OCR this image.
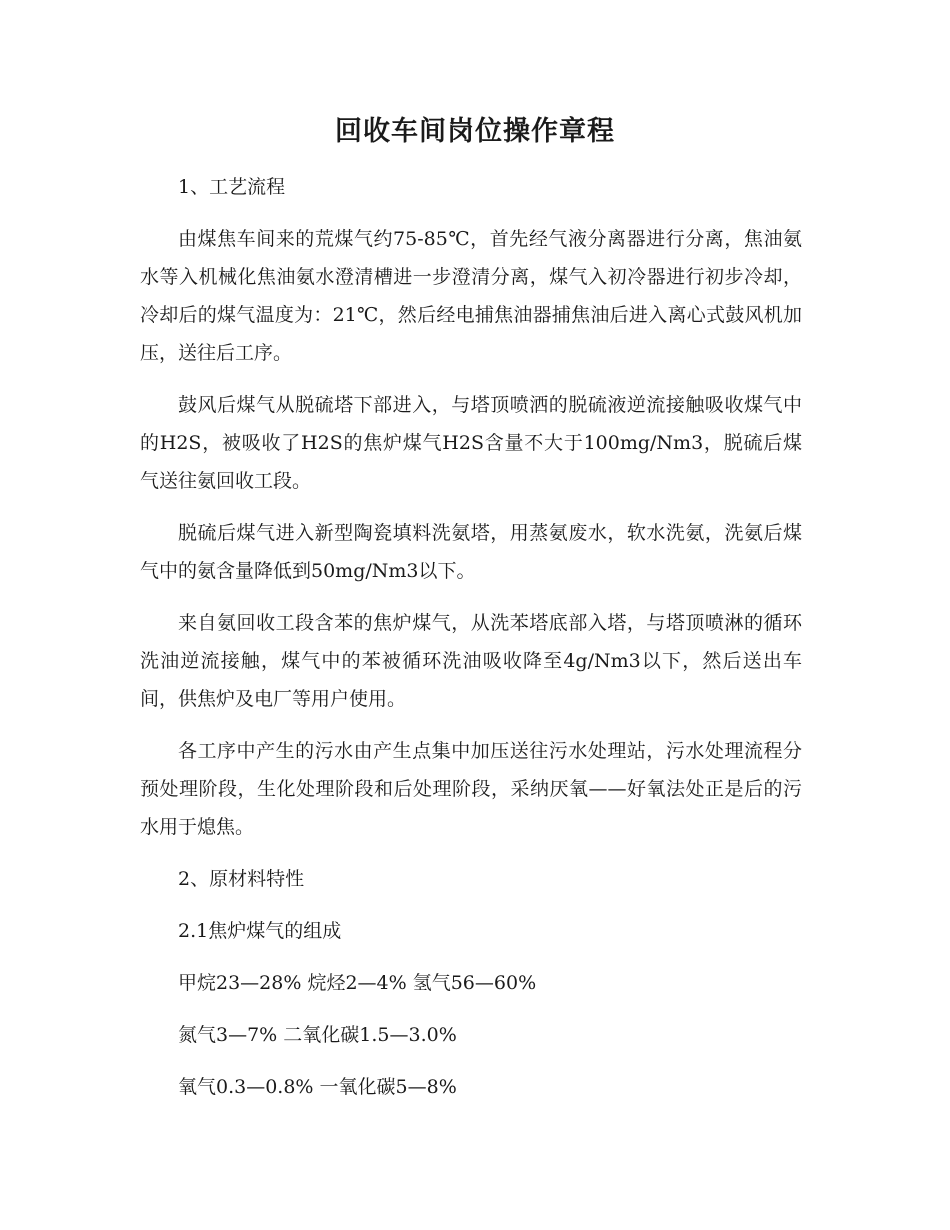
回收车间岗位操作章程

1、工艺流程

由煤焦车间来的荒煤气约75-85℃，首先经气液分离器进行分离，焦油氨水等入机械化焦油氨水澄清槽进一步澄清分离，煤气入初冷器进行初步冷却，冷却后的煤气温度为：21℃，然后经电捕焦油器捕焦油后进入离心式鼓风机加压，送往后工序。

鼓风后煤气从脱硫塔下部进入，与塔顶喷洒的脱硫液逆流接触吸收煤气中的H2S，被吸收了H2S的焦炉煤气H2S含量不大于100mg/Nm3，脱硫后煤气送往氨回收工段。

脱硫后煤气进入新型陶瓷填料洗氨塔，用蒸氨废水，软水洗氨，洗氨后煤气中的氨含量降低到50mg/Nm3以下。

来自氨回收工段含苯的焦炉煤气，从洗苯塔底部入塔，与塔顶喷淋的循环洗油逆流接触，煤气中的苯被循环洗油吸收降至4g/Nm3以下，然后送出车间，供焦炉及电厂等用户使用。

各工序中产生的污水由产生点集中加压送往污水处理站，污水处理流程分预处理阶段，生化处理阶段和后处理阶段，采纳厌氧——好氧法处正是后的污水用于熄焦。

2、原材料特性

2.1焦炉煤气的组成

甲烷23—28% 烷烃2—4% 氢气56—60%

氮气3—7% 二氧化碳1.5—3.0%

氧气0.3—0.8% 一氧化碳5—8%
